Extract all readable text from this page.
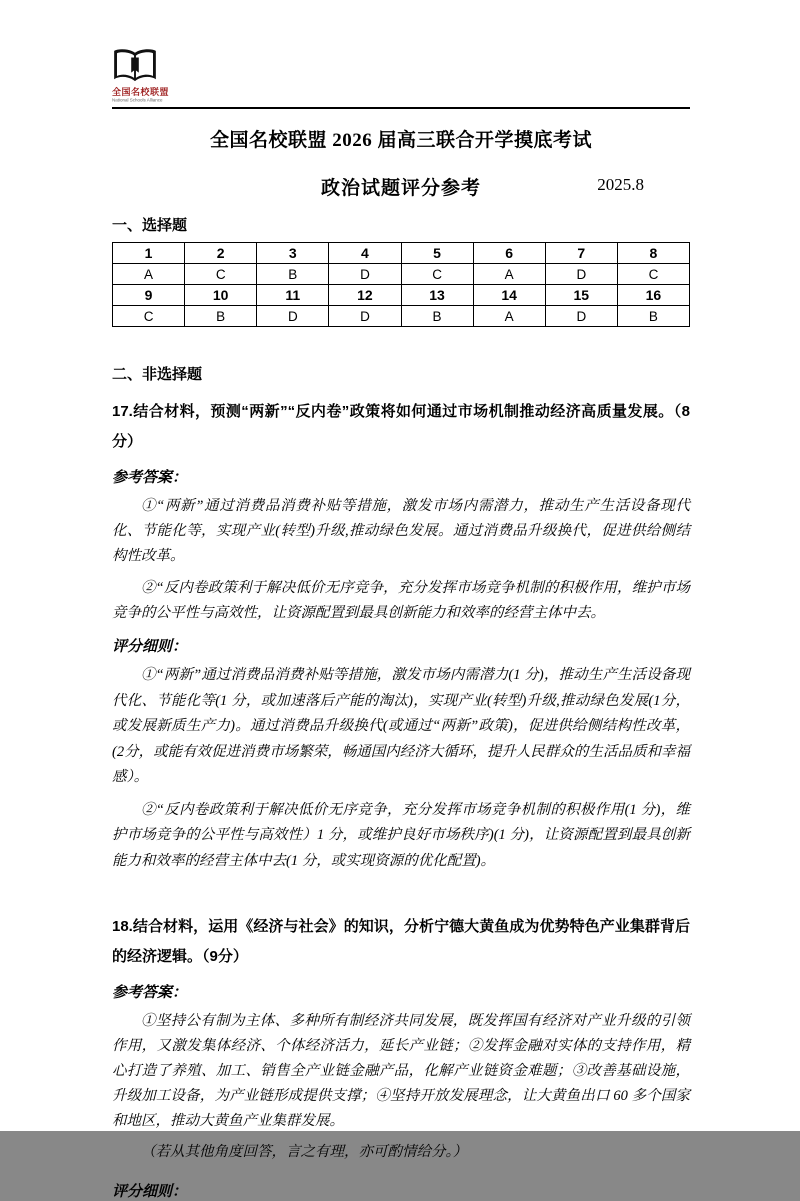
全国名校联盟
National Schools Alliance
全国名校联盟 2026 届高三联合开学摸底考试
政治试题评分参考	2025.8
一、选择题
1	2	3	4	5	6	7	8
A	C	B	D	C	A	D	C
9	10	11	12	13	14	15	16
C	B	D	D	B	A	D	B
二、非选择题
17.结合材料，预测“两新”“反内卷”政策将如何通过市场机制推动经济高质量发展。（8分）
参考答案：

①“两新”通过消费品消费补贴等措施，激发市场内需潜力，推动生产生活设备现代化、节能化等，实现产业(转型)升级,推动绿色发展。通过消费品升级换代，促进供给侧结构性改革。

②“反内卷政策利于解决低价无序竞争，充分发挥市场竞争机制的积极作用，维护市场竞争的公平性与高效性，让资源配置到最具创新能力和效率的经营主体中去。

评分细则：

①“两新”通过消费品消费补贴等措施，激发市场内需潜力(1 分)，推动生产生活设备现代化、节能化等(1 分，或加速落后产能的淘汰)，实现产业(转型)升级,推动绿色发展(1分，或发展新质生产力)。通过消费品升级换代(或通过“两新”政策)，促进供给侧结构性改革，(2分，或能有效促进消费市场繁荣，畅通国内经济大循环，提升人民群众的生活品质和幸福感）。

②“反内卷政策利于解决低价无序竞争，充分发挥市场竞争机制的积极作用(1 分)，维护市场竞争的公平性与高效性）1 分，或维护良好市场秩序)(1 分)，让资源配置到最具创新能力和效率的经营主体中去(1 分，或实现资源的优化配置)。

18.结合材料，运用《经济与社会》的知识，分析宁德大黄鱼成为优势特色产业集群背后的经济逻辑。（9分）
参考答案：

①坚持公有制为主体、多种所有制经济共同发展，既发挥国有经济对产业升级的引领作用，又激发集体经济、个体经济活力，延长产业链；②发挥金融对实体的支持作用，精心打造了养殖、加工、销售全产业链金融产品，化解产业链资金难题；③改善基础设施，升级加工设备，为产业链形成提供支撑；④坚持开放发展理念，让大黄鱼出口 60 多个国家和地区，推动大黄鱼产业集群发展。

（若从其他角度回答，言之有理，亦可酌情给分。）

评分细则：
